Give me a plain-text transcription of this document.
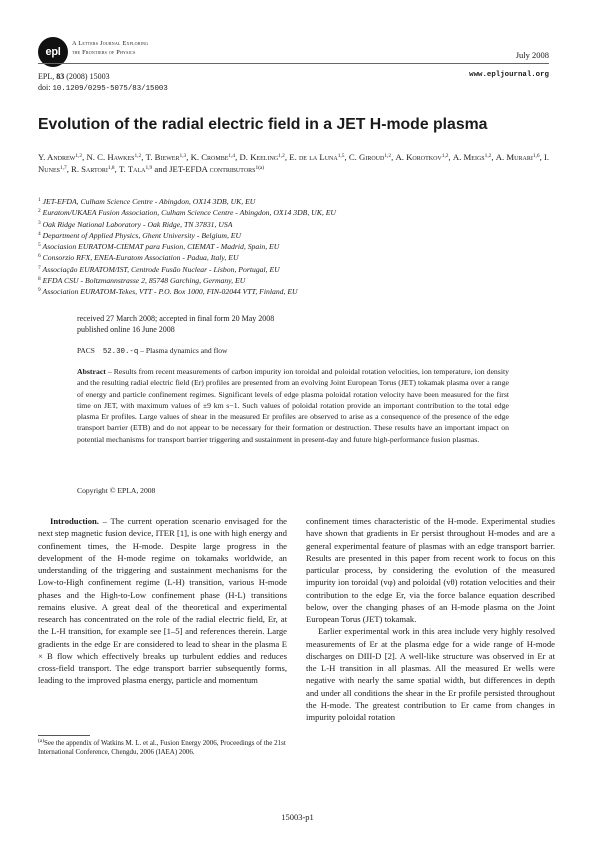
epl
A Letters Journal Exploring
the Frontiers of Physics	July 2008
EPL, 83 (2008) 15003
doi: 10.1209/0295-5075/83/15003
www.epljournal.org
Evolution of the radial electric field in a JET H-mode plasma
Y. Andrew$^{1,2}$, N. C. Hawkes$^{1,2}$, T. Biewer$^{1,3}$, K. Crombe$^{1,4}$, D. Keeling$^{1,2}$, E. de la Luna$^{1,5}$, C. Giroud$^{1,2}$, A. Korotkov$^{1,2}$, A. Meigs$^{1,2}$, A. Murari$^{1,6}$, I. Nunes$^{1,7}$, R. Sartori$^{1,8}$, T. Tala$^{1,9}$ and JET-EFDA contributors$^{1(a)}$
$^1$ JET-EFDA, Culham Science Centre - Abingdon, OX14 3DB, UK, EU
$^2$ Euratom/UKAEA Fusion Association, Culham Science Centre - Abingdon, OX14 3DB, UK, EU
$^3$ Oak Ridge National Laboratory - Oak Ridge, TN 37831, USA
$^4$ Department of Applied Physics, Ghent University - Belgium, EU
$^5$ Asociasion EURATOM-CIEMAT para Fusion, CIEMAT - Madrid, Spain, EU
$^6$ Consorzio RFX, ENEA-Euratom Association - Padua, Italy, EU
$^7$ Associação EURATOM/IST, Centrode Fusão Nuclear - Lisbon, Portugal, EU
$^8$ EFDA CSU - Boltzmannstrasse 2, 85748 Garching, Germany, EU
$^9$ Association EURATOM-Tekes, VTT - P.O. Box 1000, FIN-02044 VTT, Finland, EU
received 27 March 2008; accepted in final form 20 May 2008
published online 16 June 2008
PACS 52.30.-q – Plasma dynamics and flow
Abstract – Results from recent measurements of carbon impurity ion toroidal and poloidal rotation velocities, ion temperature, ion density and the resulting radial electric field (Er) profiles are presented from an evolving Joint European Torus (JET) tokamak plasma over a range of energy and particle confinement regimes. Significant levels of edge plasma poloidal rotation velocity have been measured for the first time on JET, with maximum values of ±9 km s−1. Such values of poloidal rotation provide an important contribution to the total edge plasma Er profiles. Large values of shear in the measured Er profiles are observed to arise as a consequence of the presence of the edge transport barrier (ETB) and do not appear to be necessary for their formation or destruction. These results have an important impact on potential mechanisms for transport barrier triggering and sustainment in present-day and future high-performance fusion plasmas.
Copyright © EPLA, 2008
Introduction. – The current operation scenario envisaged for the next step magnetic fusion device, ITER [1], is one with high energy and confinement times, the H-mode. Despite large progress in the development of the H-mode regime on tokamaks worldwide, an understanding of the triggering and sustainment mechanisms for the Low-to-High confinement regime (L-H) transition, various H-mode phases and the High-to-Low confinement phase (H-L) transitions remains elusive. A great deal of the theoretical and experimental research has concentrated on the role of the radial electric field, Er, at the L-H transition, for example see [1–5] and references therein. Large gradients in the edge Er are considered to lead to shear in the plasma E × B flow which effectively breaks up turbulent eddies and reduces cross-field transport. The edge transport barrier subsequently forms, leading to the improved plasma energy, particle and momentum
confinement times characteristic of the H-mode. Experimental studies have shown that gradients in Er persist throughout H-modes and are a general experimental feature of plasmas with an edge transport barrier. Results are presented in this paper from recent work to focus on this particular process, by considering the evolution of the measured impurity ion toroidal (vφ) and poloidal (vθ) rotation velocities and their contribution to the edge Er, via the force balance equation described below, over the changing phases of an H-mode plasma on the Joint European Torus (JET) tokamak.
Earlier experimental work in this area include very highly resolved measurements of Er at the plasma edge for a wide range of H-mode discharges on DIII-D [2]. A well-like structure was observed in Er at the L-H transition in all plasmas. All the measured Er wells were negative with nearly the same spatial width, but differences in depth and under all conditions the shear in the Er profile persisted throughout the H-mode. The greatest contribution to Er came from changes in impurity poloidal rotation
$^{(a)}$See the appendix of Watkins M. L. et al., Fusion Energy 2006, Proceedings of the 21st International Conference, Chengdu, 2006 (IAEA) 2006.
15003-p1
